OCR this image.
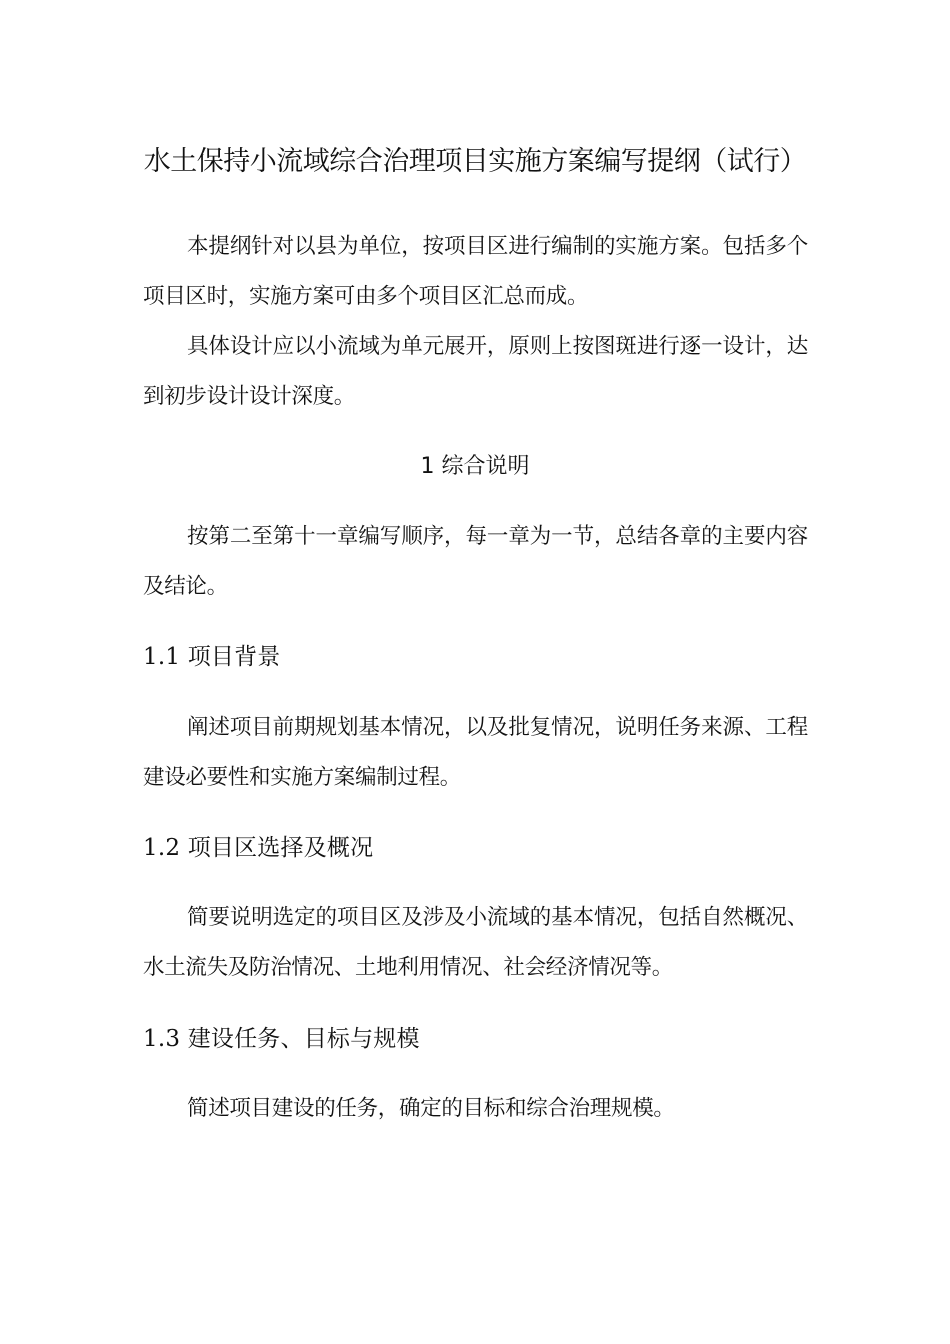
水土保持小流域综合治理项目实施方案编写提纲（试行）

本提纲针对以县为单位，按项目区进行编制的实施方案。包括多个项目区时，实施方案可由多个项目区汇总而成。

具体设计应以小流域为单元展开，原则上按图斑进行逐一设计，达到初步设计设计深度。

1 综合说明

按第二至第十一章编写顺序，每一章为一节，总结各章的主要内容及结论。

1.1 项目背景

阐述项目前期规划基本情况，以及批复情况，说明任务来源、工程建设必要性和实施方案编制过程。

1.2 项目区选择及概况

简要说明选定的项目区及涉及小流域的基本情况，包括自然概况、水土流失及防治情况、土地利用情况、社会经济情况等。

1.3 建设任务、目标与规模

简述项目建设的任务，确定的目标和综合治理规模。
